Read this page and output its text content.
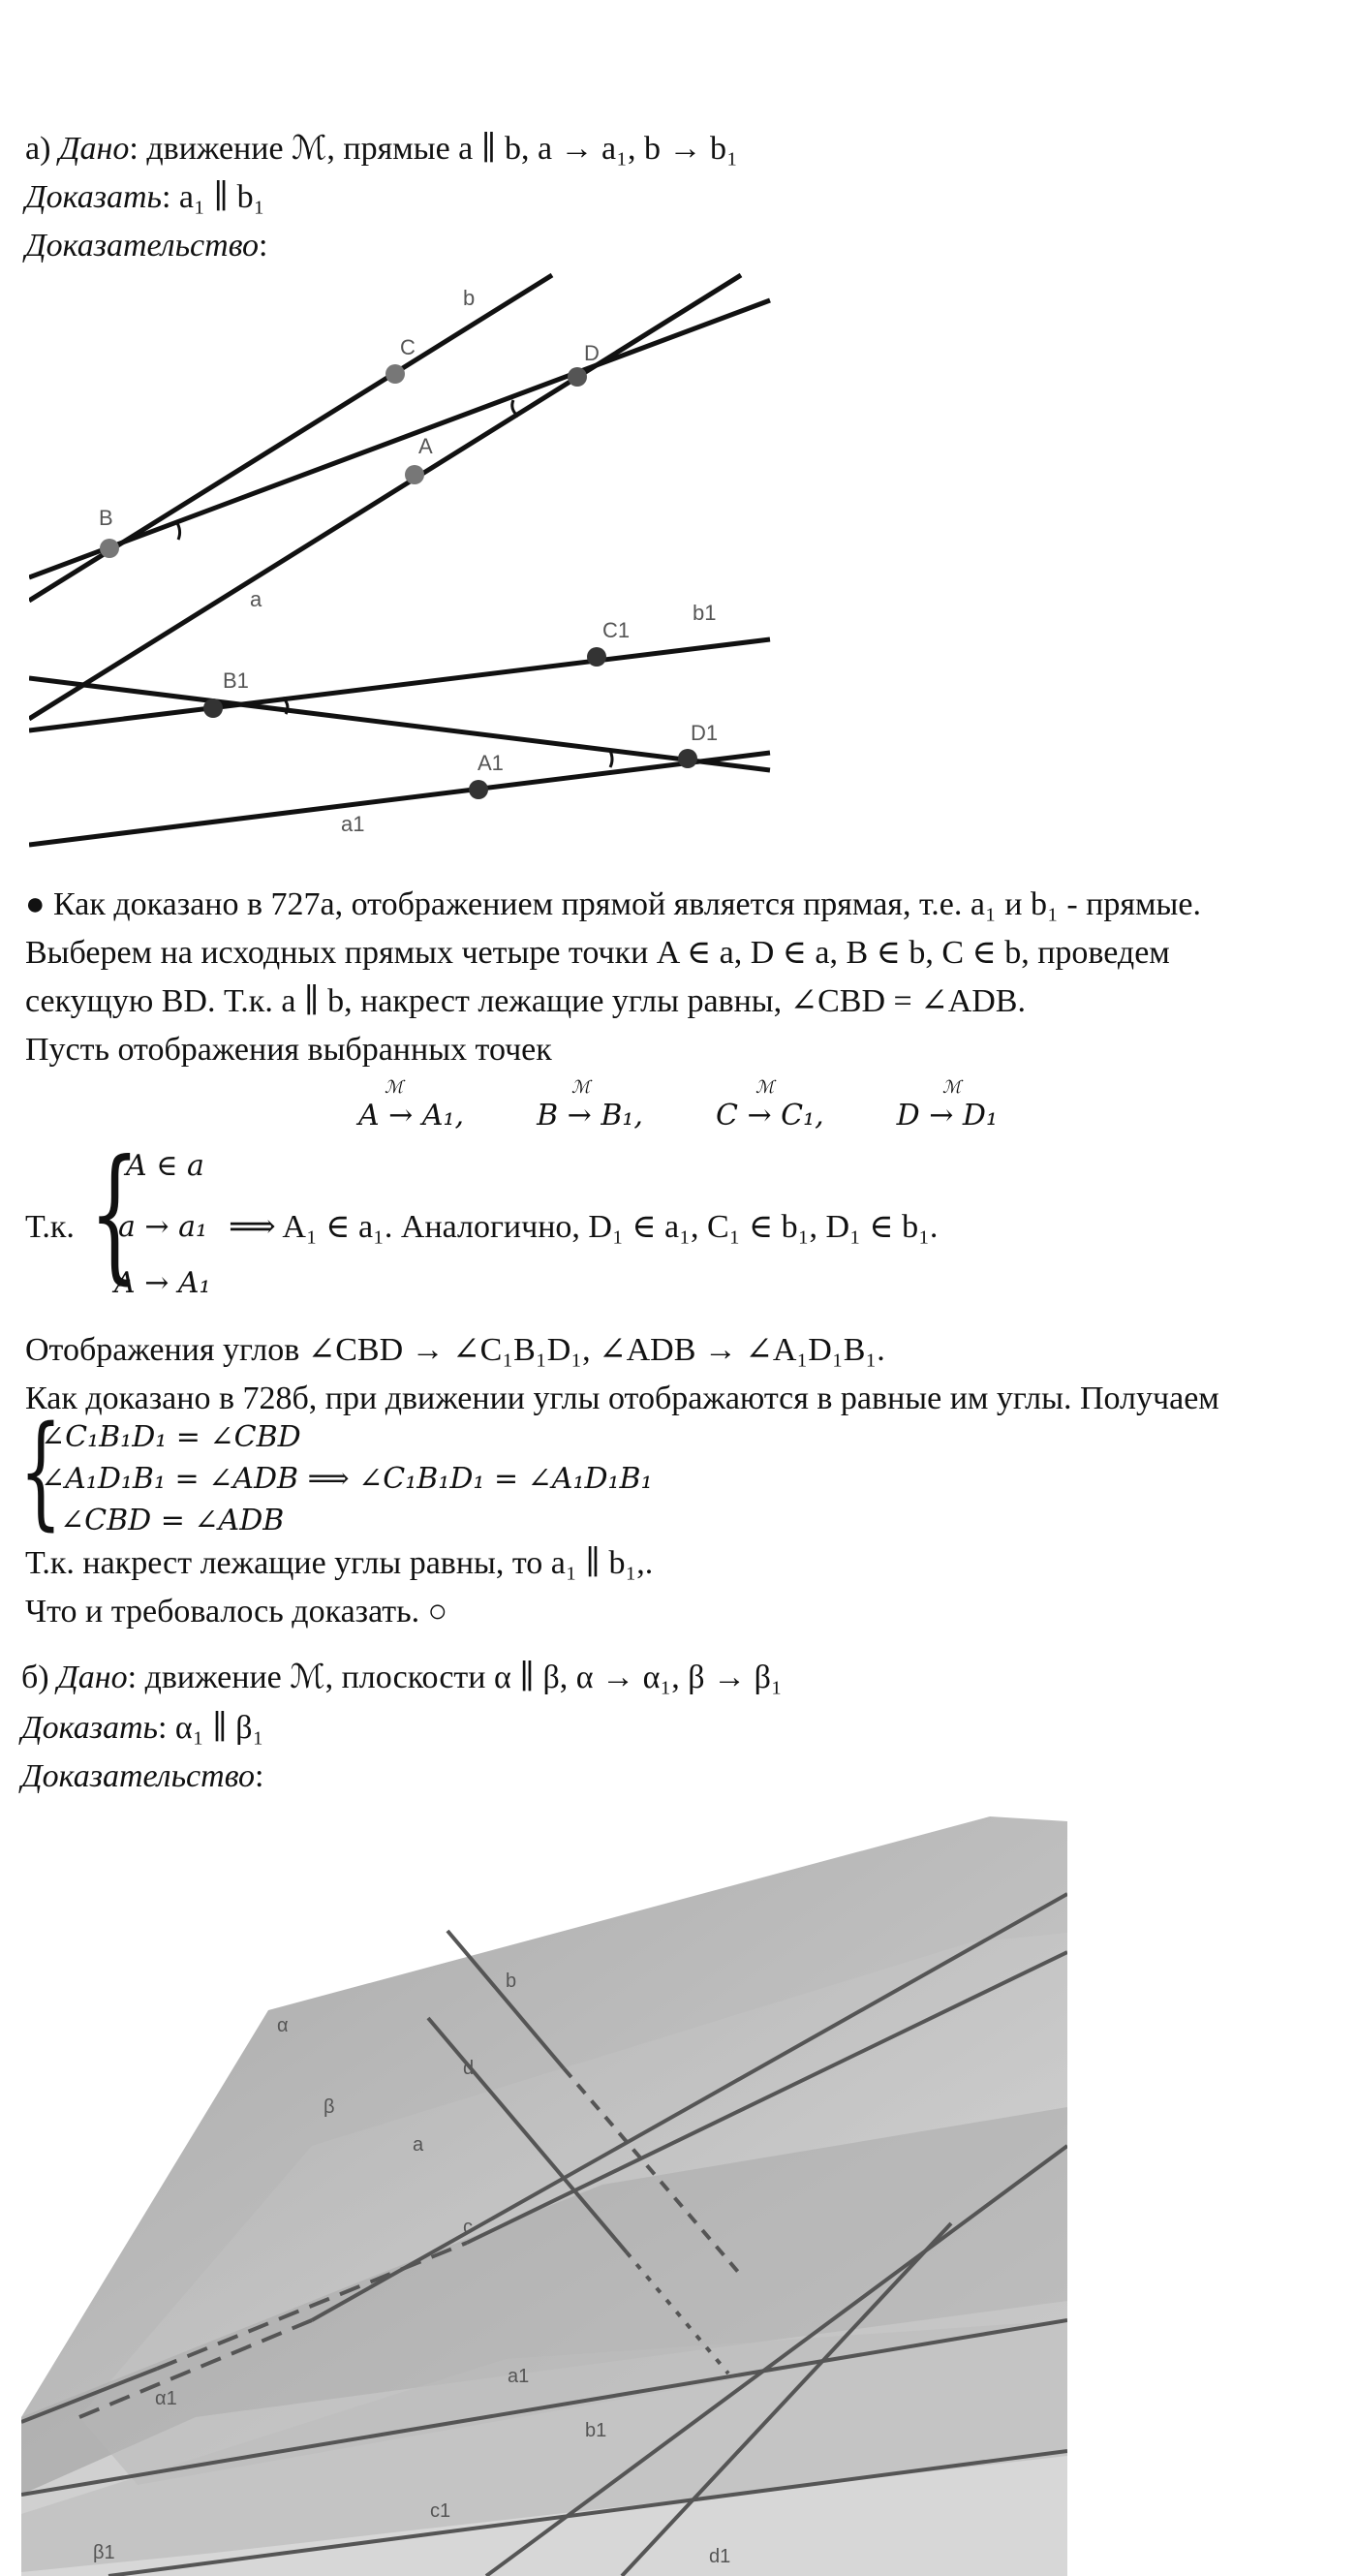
а) Дано: движение ℳ, прямые a ∥ b, a → a₁, b → b₁
Доказать: a₁ ∥ b₁
Доказательство:
b
C	D
A
B
a
C1
b1
B1
D1
A1
a1
● Как доказано в 727а, отображением прямой является прямая, т.е. a₁ и b₁ - прямые.
Выберем на исходных прямых четыре точки A ∈ a, D ∈ a, B ∈ b, C ∈ b, проведем
секущую BD. Т.к. a ∥ b, накрест лежащие углы равны, ∠CBD = ∠ADB.
Пусть отображения выбранных точек
A → A₁,	B → B₁,	C → C₁,	D → D₁
ℳ	ℳ	ℳ	ℳ
Т.к. {
A ∈ a
a → a₁
A → A₁
⟹ A₁ ∈ a₁. Аналогично, D₁ ∈ a₁, C₁ ∈ b₁, D₁ ∈ b₁.
Отображения углов ∠CBD → ∠C₁B₁D₁, ∠ADB → ∠A₁D₁B₁.
Как доказано в 728б, при движении углы отображаются в равные им углы. Получаем
{
∠C₁B₁D₁ = ∠CBD
∠A₁D₁B₁ = ∠ADB ⟹ ∠C₁B₁D₁ = ∠A₁D₁B₁
∠CBD = ∠ADB
Т.к. накрест лежащие углы равны, то a₁ ∥ b₁,.
Что и требовалось доказать. ○
б) Дано: движение ℳ, плоскости α ∥ β, α → α₁, β → β₁
Доказать: α₁ ∥ β₁
Доказательство:
b
α
d
β
a
c
a1
α1
b1
c1
β1	d1
